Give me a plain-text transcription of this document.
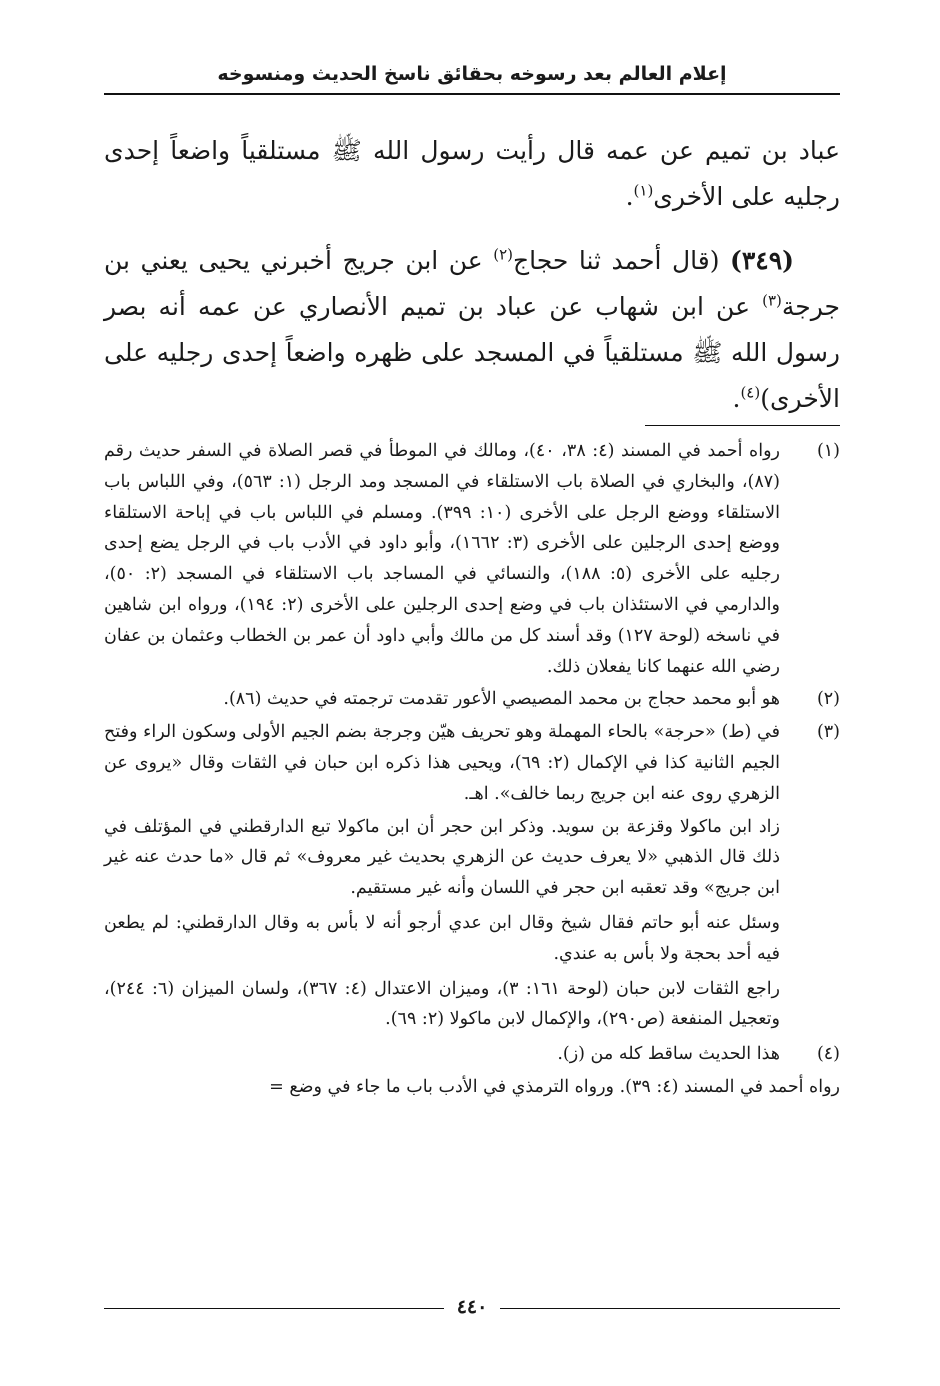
إعلام العالم بعد رسوخه بحقائق ناسخ الحديث ومنسوخه

عباد بن تميم عن عمه قال رأيت رسول الله ﷺ مستلقياً واضعاً إحدى رجليه على الأخرى$^{(١)}$.

(٣٤٩) (قال أحمد ثنا حجاج$^{(٢)}$ عن ابن جريج أخبرني يحيى يعني بن جرجة$^{(٣)}$ عن ابن شهاب عن عباد بن تميم الأنصاري عن عمه أنه بصر رسول الله ﷺ مستلقياً في المسجد على ظهره واضعاً إحدى رجليه على الأخرى)$^{(٤)}$.

(١)
رواه أحمد في المسند (٤: ٣٨، ٤٠)، ومالك في الموطأ في قصر الصلاة في السفر حديث رقم (٨٧)، والبخاري في الصلاة باب الاستلقاء في المسجد ومد الرجل (١: ٥٦٣)، وفي اللباس باب الاستلقاء ووضع الرجل على الأخرى (١٠: ٣٩٩). ومسلم في اللباس باب في إباحة الاستلقاء ووضع إحدى الرجلين على الأخرى (٣: ١٦٦٢)، وأبو داود في الأدب باب في الرجل يضع إحدى رجليه على الأخرى (٥: ١٨٨)، والنسائي في المساجد باب الاستلقاء في المسجد (٢: ٥٠)، والدارمي في الاستئذان باب في وضع إحدى الرجلين على الأخرى (٢: ١٩٤)، ورواه ابن شاهين في ناسخه (لوحة ١٢٧) وقد أسند كل من مالك وأبي داود أن عمر بن الخطاب وعثمان بن عفان رضي الله عنهما كانا يفعلان ذلك.
(٢)
هو أبو محمد حجاج بن محمد المصيصي الأعور تقدمت ترجمته في حديث (٨٦).
(٣)
في (ط) «حرجة» بالحاء المهملة وهو تحريف هيّن وجرجة بضم الجيم الأولى وسكون الراء وفتح الجيم الثانية كذا في الإكمال (٢: ٦٩)، ويحيى هذا ذكره ابن حبان في الثقات وقال «يروى عن الزهري روى عنه ابن جريج ربما خالف». اهـ.
زاد ابن ماكولا وقزعة بن سويد. وذكر ابن حجر أن ابن ماكولا تبع الدارقطني في المؤتلف في ذلك قال الذهبي «لا يعرف حديث عن الزهري بحديث غير معروف» ثم قال «ما حدث عنه غير ابن جريج» وقد تعقبه ابن حجر في اللسان وأنه غير مستقيم.
وسئل عنه أبو حاتم فقال شيخ وقال ابن عدي أرجو أنه لا بأس به وقال الدارقطني: لم يطعن فيه أحد بحجة ولا بأس به عندي.
راجع الثقات لابن حبان (لوحة ١٦١: ٣)، وميزان الاعتدال (٤: ٣٦٧)، ولسان الميزان (٦: ٢٤٤)، وتعجيل المنفعة (ص٢٩٠)، والإكمال لابن ماكولا (٢: ٦٩).
(٤)
هذا الحديث ساقط كله من (ز).
رواه أحمد في المسند (٤: ٣٩). ورواه الترمذي في الأدب باب ما جاء في وضع =
٤٤٠
